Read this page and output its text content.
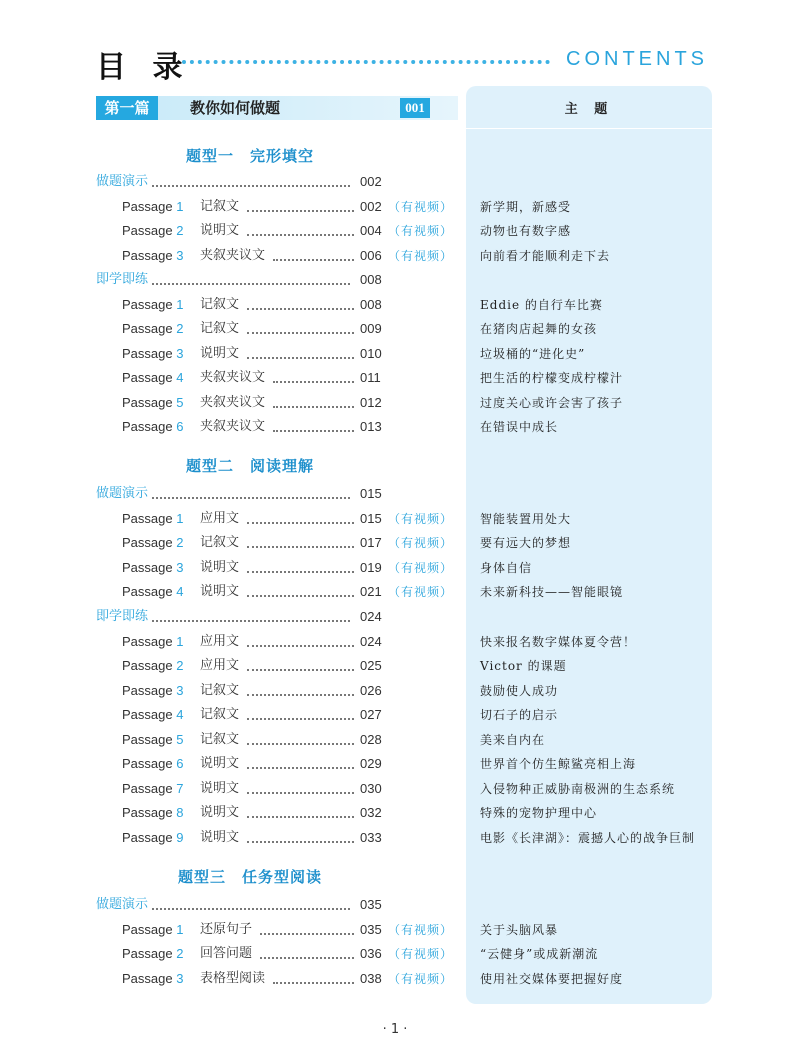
目 录	CONTENTS
第一篇	教你如何做题	001	主 题
题型一　完形填空
做题演示	002
Passage 1 记叙文	002 （有视频） 新学期，新感受
Passage 2 说明文	004 （有视频） 动物也有数字感
Passage 3 夹叙夹议文	006 （有视频） 向前看才能顺利走下去
即学即练	008
Passage 1 记叙文	008	Eddie 的自行车比赛
Passage 2 记叙文	009	在猪肉店起舞的女孩
Passage 3 说明文	010	垃圾桶的“进化史”
Passage 4 夹叙夹议文	011	把生活的柠檬变成柠檬汁
Passage 5 夹叙夹议文	012	过度关心或许会害了孩子
Passage 6 夹叙夹议文	013	在错误中成长
题型二　阅读理解
做题演示	015
Passage 1 应用文	015 （有视频） 智能装置用处大
Passage 2 记叙文	017 （有视频） 要有远大的梦想
Passage 3 说明文	019 （有视频） 身体自信
Passage 4 说明文	021 （有视频） 未来新科技——智能眼镜
即学即练	024
Passage 1 应用文	024	快来报名数字媒体夏令营！
Passage 2 应用文	025	Victor 的课题
Passage 3 记叙文	026	鼓励使人成功
Passage 4 记叙文	027	切石子的启示
Passage 5 记叙文	028	美来自内在
Passage 6 说明文	029	世界首个仿生鲸鲨亮相上海
Passage 7 说明文	030	入侵物种正威胁南极洲的生态系统
Passage 8 说明文	032	特殊的宠物护理中心
Passage 9 说明文	033	电影《长津湖》：震撼人心的战争巨制
题型三　任务型阅读
做题演示	035
Passage 1 还原句子	035 （有视频） 关于头脑风暴
Passage 2 回答问题	036 （有视频） “云健身”或成新潮流
Passage 3 表格型阅读	038 （有视频） 使用社交媒体要把握好度
· 1 ·
